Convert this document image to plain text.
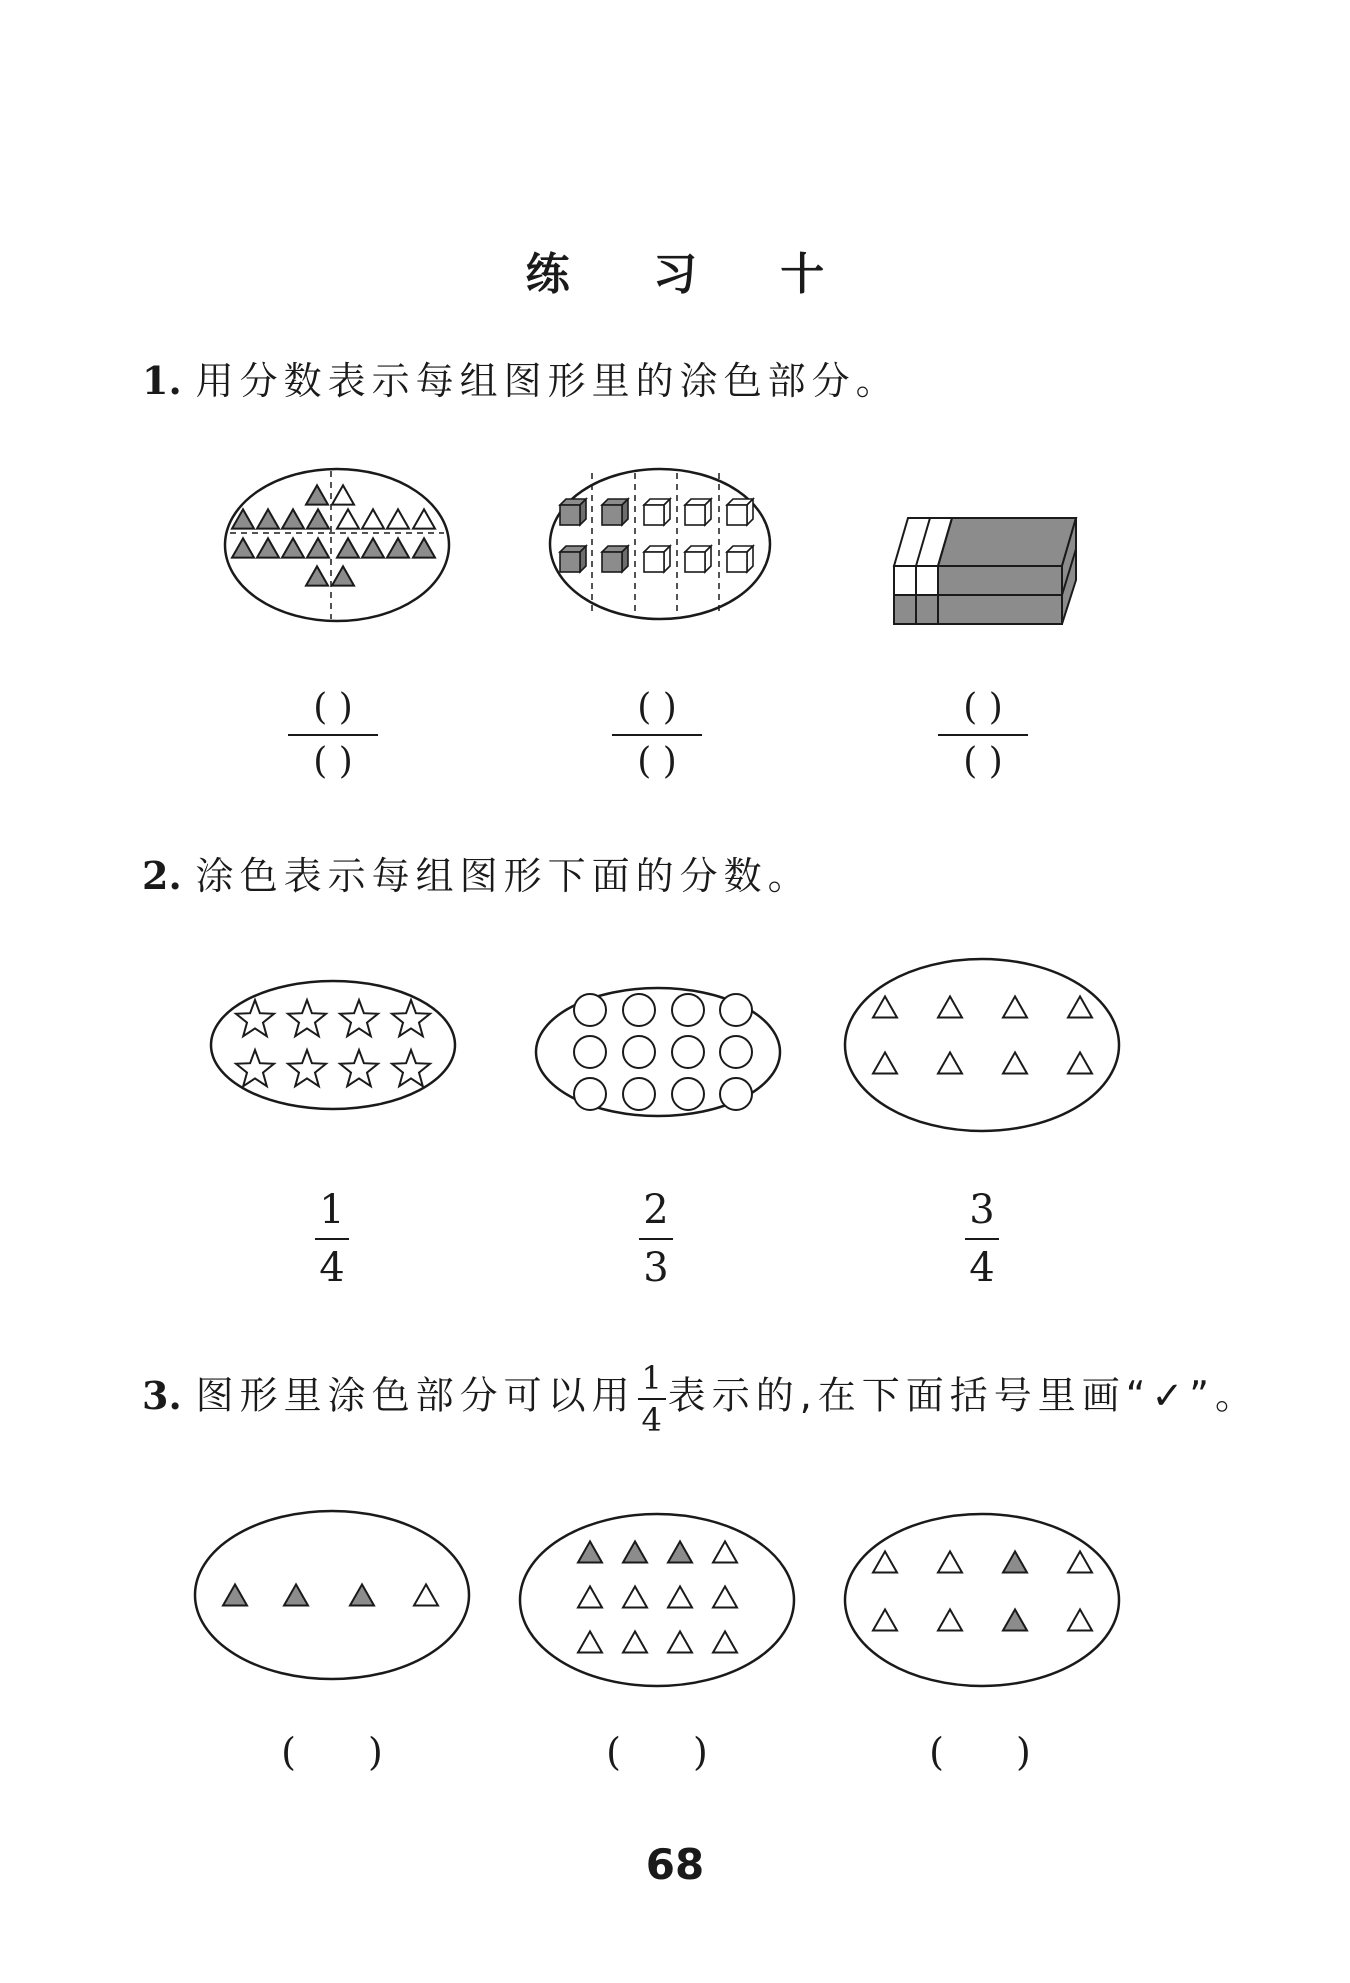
练 习 十
1. 用分数表示每组图形里的涂色部分。
( )
( )
( )
( )
( )
( )
2. 涂色表示每组图形下面的分数。
1
4
2
3
3
4
3. 图形里涂色部分可以用 $\frac{1}{4}$ 表示的,在下面括号里画“✓”。
( )	( )	( )
68
